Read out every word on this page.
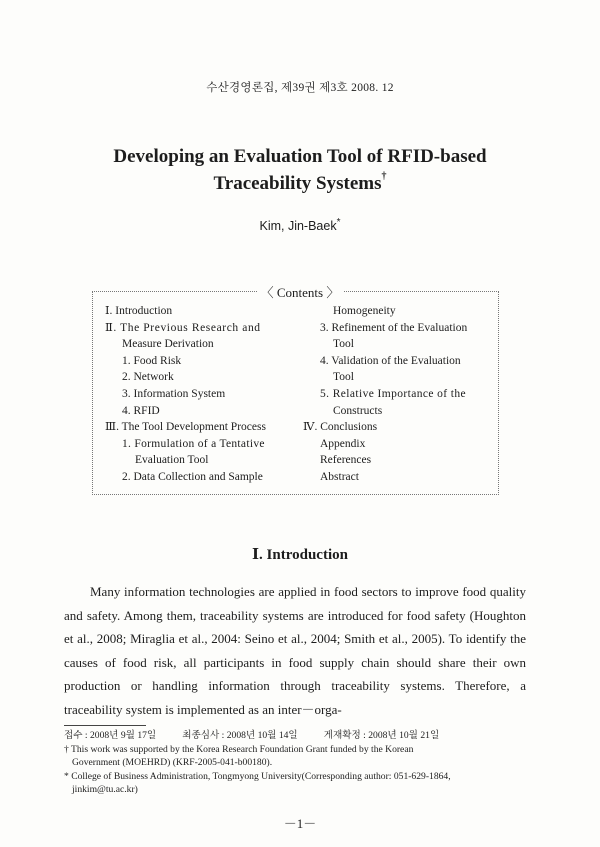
수산경영론집, 제39권 제3호 2008. 12
Developing an Evaluation Tool of RFID-based
Traceability Systems†
Kim, Jin-Baek*
〈 Contents 〉
Ⅰ. Introduction
Ⅱ. The Previous Research and
Measure Derivation
1. Food Risk
2. Network
3. Information System
4. RFID
Ⅲ. The Tool Development Process
1. Formulation of a Tentative
Evaluation Tool
2. Data Collection and Sample
Homogeneity
3. Refinement of the Evaluation
Tool
4. Validation of the Evaluation
Tool
5. Relative Importance of the
Constructs
Ⅳ. Conclusions
Appendix
References
Abstract
Ⅰ. Introduction
Many information technologies are applied in food sectors to improve food quality and safety. Among them, traceability systems are introduced for food safety (Houghton et al., 2008; Miraglia et al., 2004: Seino et al., 2004; Smith et al., 2005). To identify the causes of food risk, all participants in food supply chain should share their own production or handling information through traceability systems. Therefore, a traceability system is implemented as an inter－orga-
접수 : 2008년 9월 17일	최종심사 : 2008년 10월 14일	게재확정 : 2008년 10월 21일
† This work was supported by the Korea Research Foundation Grant funded by the Korean
Government (MOEHRD) (KRF-2005-041-b00180).
* College of Business Administration, Tongmyong University(Corresponding author: 051-629-1864,
jinkim@tu.ac.kr)
－1－
